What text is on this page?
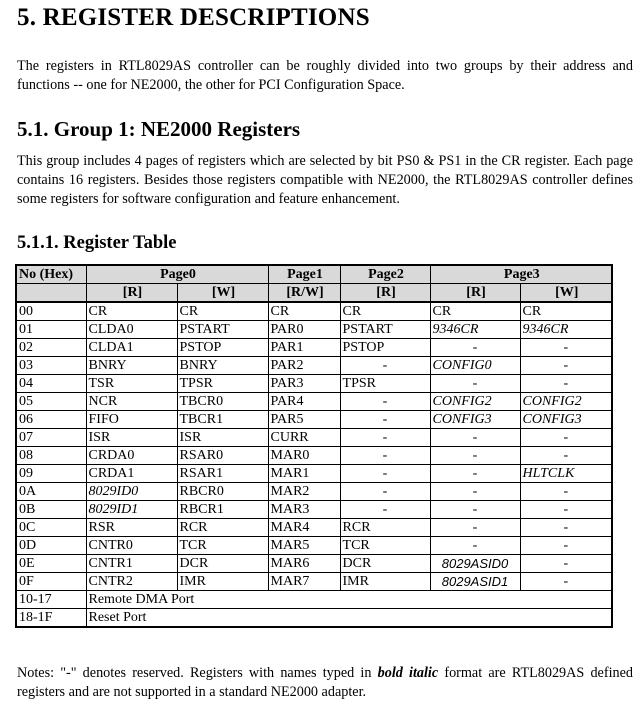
5. REGISTER DESCRIPTIONS
The registers in RTL8029AS controller can be roughly divided into two groups by their address and functions -- one for NE2000, the other for PCI Configuration Space.
5.1. Group 1: NE2000 Registers
This group includes 4 pages of registers which are selected by bit PS0 & PS1 in the CR register. Each page contains 16 registers. Besides those registers compatible with NE2000, the RTL8029AS controller defines some registers for software configuration and feature enhancement.
5.1.1. Register Table
No (Hex)	Page0		Page1	Page2	Page3	
	[R]	[W]	[R/W]	[R]	[R]	[W]
00	CR	CR	CR	CR	CR	CR
01	CLDA0	PSTART	PAR0	PSTART	9346CR	9346CR
02	CLDA1	PSTOP	PAR1	PSTOP	-	-
03	BNRY	BNRY	PAR2	-	CONFIG0	-
04	TSR	TPSR	PAR3	TPSR	-	-
05	NCR	TBCR0	PAR4	-	CONFIG2	CONFIG2
06	FIFO	TBCR1	PAR5	-	CONFIG3	CONFIG3
07	ISR	ISR	CURR	-	-	-
08	CRDA0	RSAR0	MAR0	-	-	-
09	CRDA1	RSAR1	MAR1	-	-	HLTCLK
0A	8029ID0	RBCR0	MAR2	-	-	-
0B	8029ID1	RBCR1	MAR3	-	-	-
0C	RSR	RCR	MAR4	RCR	-	-
0D	CNTR0	TCR	MAR5	TCR	-	-
0E	CNTR1	DCR	MAR6	DCR	8029ASID0	-
0F	CNTR2	IMR	MAR7	IMR	8029ASID1	-
10-17	Remote DMA Port					
18-1F	Reset Port					
Notes: "-" denotes reserved. Registers with names typed in bold italic format are RTL8029AS defined registers and are not supported in a standard NE2000 adapter.
